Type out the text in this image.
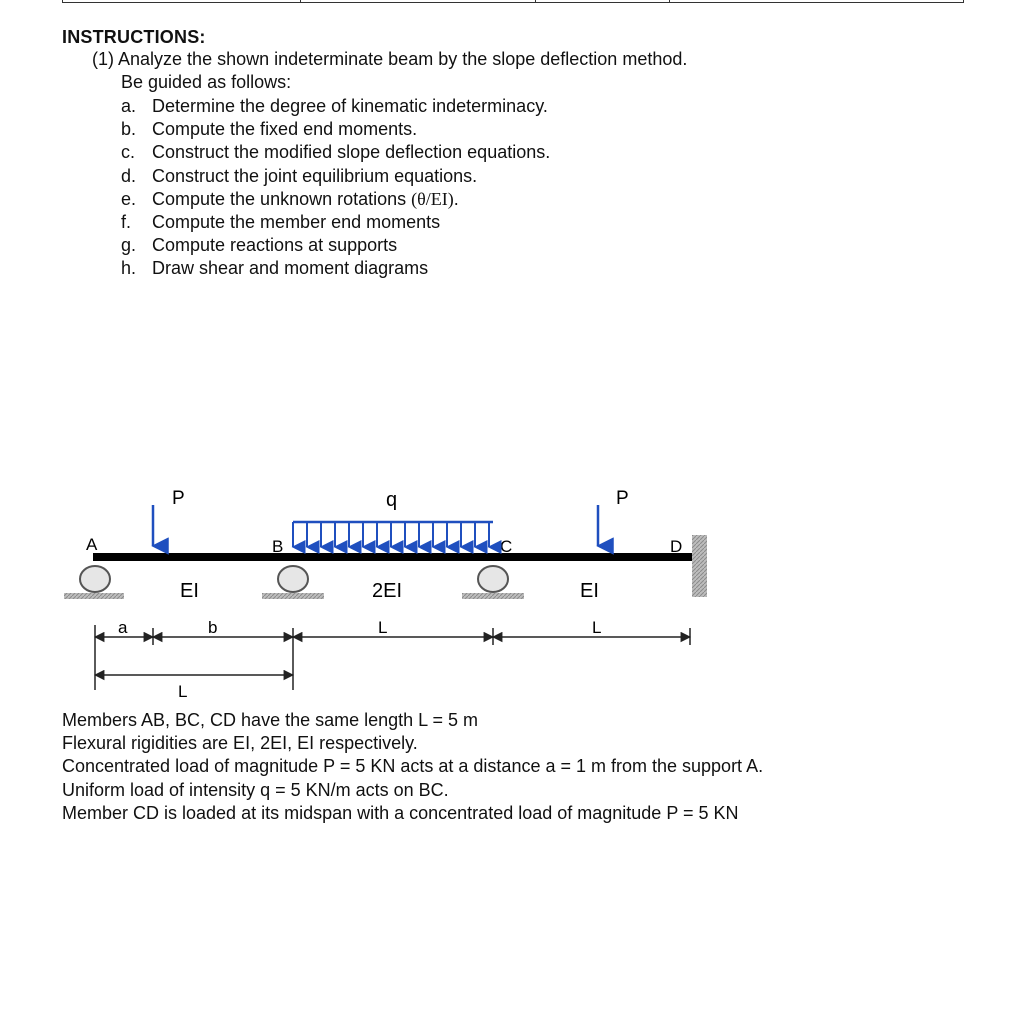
INSTRUCTIONS:
(1) Analyze the shown indeterminate beam by the slope deflection method.
Be guided as follows:
a. Determine the degree of kinematic indeterminacy.
b. Compute the fixed end moments.
c. Construct the modified slope deflection equations.
d. Construct the joint equilibrium equations.
e. Compute the unknown rotations (θ/EI).
f. Compute the member end moments
g. Compute reactions at supports
h. Draw shear and moment diagrams
A	B	C	D
P	q	P
EI	2EI	EI
a	b	L	L
L
Members AB, BC, CD have the same length L = 5 m
Flexural rigidities are EI, 2EI, EI respectively.
Concentrated load of magnitude P = 5 KN acts at a distance a = 1 m from the support A.
Uniform load of intensity q = 5 KN/m acts on BC.
Member CD is loaded at its midspan with a concentrated load of magnitude P = 5 KN
